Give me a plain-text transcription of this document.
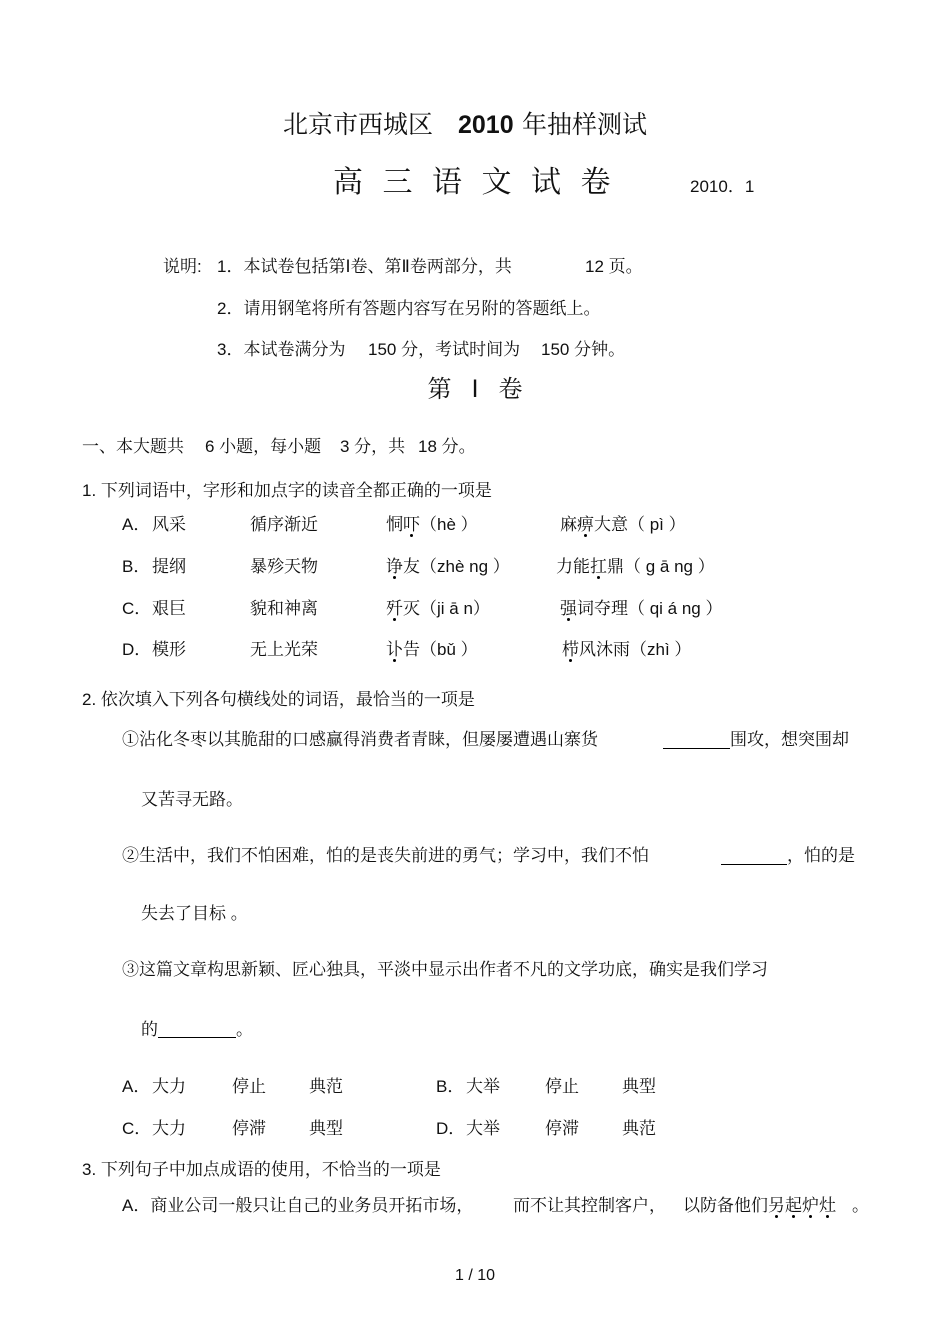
北京市西城区 2010 年抽样测试
高 三 语 文 试 卷	2010．1
说明: 1．本试卷包括第Ⅰ卷、第Ⅱ卷两部分，共	12 页。
2．请用钢笔将所有答题内容写在另附的答题纸上。
3．本试卷满分为 150 分，考试时间为 150 分钟。
第 Ⅰ 卷
一、本大题共 6 小题，每小题 3 分，共 18 分。
1. 下列词语中，字形和加点字的读音全都正确的一项是
A． 风采	循序渐近	恫吓（hè ）	麻痹大意（ pì ）
B． 提纲	暴殄天物	诤友（zhè ng ）	力能扛鼎（ ɡ ā ng ）
C． 艰巨	貌和神离	歼灭（ji ā n）	强词夺理（ qi á ng ）
D． 模形	无上光荣	讣告（bǔ ）	栉风沐雨（zhì ）
2. 依次填入下列各句横线处的词语，最恰当的一项是
①沾化冬枣以其脆甜的口感赢得消费者青睐，但屡屡遭遇山寨货	围攻，想突围却
又苦寻无路。
②生活中，我们不怕困难，怕的是丧失前进的勇气；学习中，我们不怕	，怕的是
失去了目标 。
③这篇文章构思新颖、匠心独具，平淡中显示出作者不凡的文学功底，确实是我们学习
的	。
A． 大力	停止	典范	B． 大举	停止	典型
C． 大力	停滞	典型	D． 大举	停滞	典范
3. 下列句子中加点成语的使用，不恰当的一项是
A．商业公司一般只让自己的业务员开拓市场， 而不让其控制客户， 以防备他们另起炉灶 。
1 / 10
